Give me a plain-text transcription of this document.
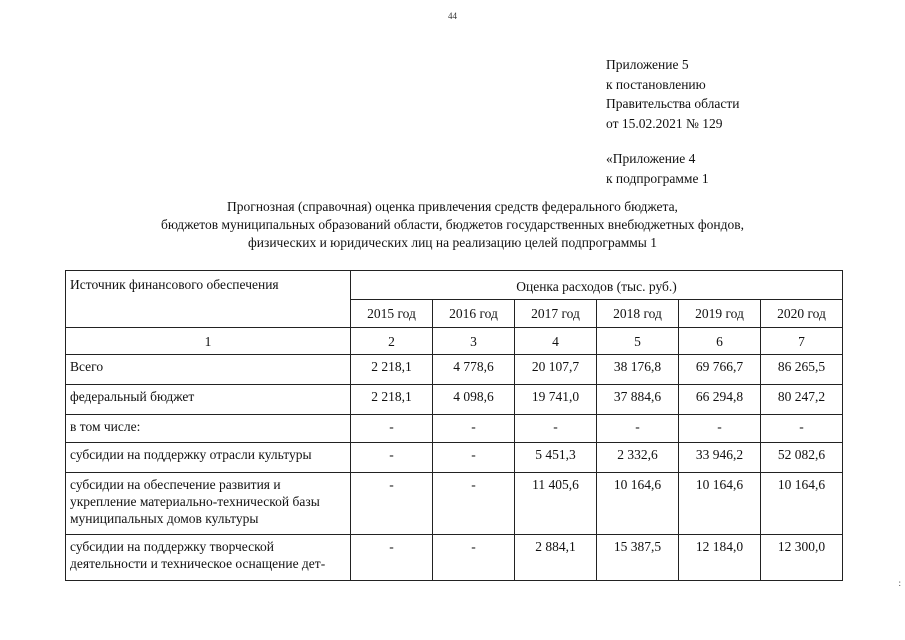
44
Приложение 5
к постановлению
Правительства области
от 15.02.2021 № 129
«Приложение 4
к подпрограмме 1
Прогнозная (справочная) оценка привлечения средств федерального бюджета,
бюджетов муниципальных образований области, бюджетов государственных внебюджетных фондов,
физических и юридических лиц на реализацию целей подпрограммы 1
Источник финансового обеспечения	Оценка расходов (тыс. руб.)					
	2015 год	2016 год	2017 год	2018 год	2019 год	2020 год
1	2	3	4	5	6	7
Всего	2 218,1	4 778,6	20 107,7	38 176,8	69 766,7	86 265,5
федеральный бюджет	2 218,1	4 098,6	19 741,0	37 884,6	66 294,8	80 247,2
в том числе:	-	-	-	-	-	-
субсидии на поддержку отрасли культуры	-	-	5 451,3	2 332,6	33 946,2	52 082,6
субсидии на обеспечение развития и укрепление материально-технической базы муниципальных домов культуры	-	-	11 405,6	10 164,6	10 164,6	10 164,6
субсидии на поддержку творческой деятельности и техническое оснащение дет-	-	-	2 884,1	15 387,5	12 184,0	12 300,0
:
